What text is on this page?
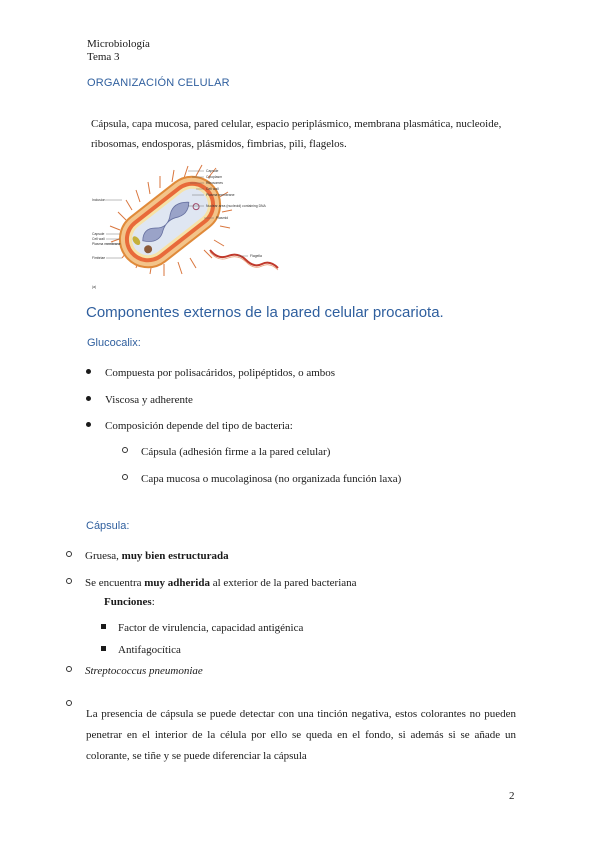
Microbiología
Tema 3
ORGANIZACIÓN CELULAR
Cápsula, capa mucosa, pared celular, espacio periplásmico, membrana plasmática, nucleoide, ribosomas, endosporas, plásmidos, fimbrias, pili, flagelos.
Capsule
Cytoplasm
Ribosomes
Cell wall
Plasma membrane
Nuclear area (nucleoid) containing DNA
Plasmid
Flagella
Inclusion
Capsule
Cell wall
Plasma membrane
Fimbriae
(a)
Componentes externos de la pared celular procariota.
Glucocalix:
Compuesta por polisacáridos, polipéptidos, o ambos
Viscosa y adherente
Composición depende del tipo de bacteria:
Cápsula (adhesión firme a la pared celular)
Capa mucosa o mucolaginosa (no organizada función laxa)
Cápsula:
Gruesa, muy bien estructurada
Se encuentra muy adherida al exterior de la pared bacteriana
Funciones:
Factor de virulencia, capacidad antigénica
Antifagocítica
Streptococcus pneumoniae
La presencia de cápsula se puede detectar con una tinción negativa, estos colorantes no pueden penetrar en el interior de la célula por ello se queda en el fondo, si además si se añade un colorante, se tiñe y se puede diferenciar la cápsula
2
